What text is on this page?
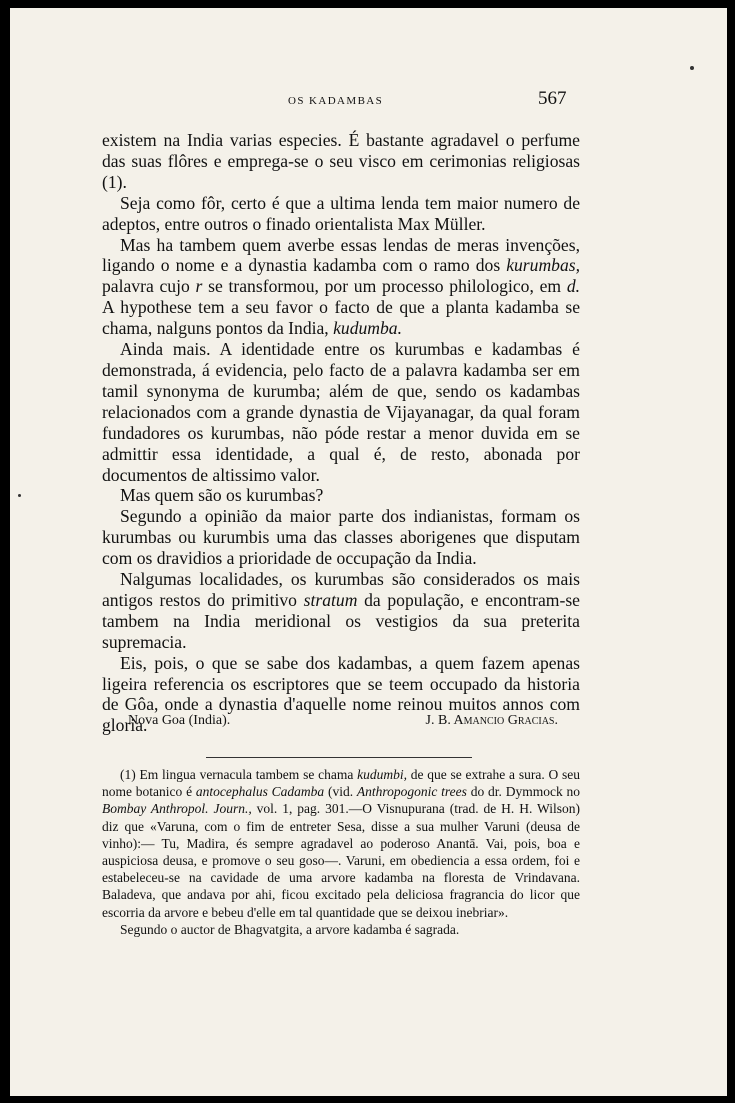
OS KADAMBAS	567

existem na India varias especies. É bastante agradavel o perfume das suas flôres e emprega-se o seu visco em cerimonias religiosas (1).

Seja como fôr, certo é que a ultima lenda tem maior numero de adeptos, entre outros o finado orientalista Max Müller.

Mas ha tambem quem averbe essas lendas de meras invenções, ligando o nome e a dynastia kadamba com o ramo dos kurumbas, palavra cujo r se transformou, por um processo philologico, em d. A hypothese tem a seu favor o facto de que a planta kadamba se chama, nalguns pontos da India, kudumba.

Ainda mais. A identidade entre os kurumbas e kadambas é demonstrada, á evidencia, pelo facto de a palavra kadamba ser em tamil synonyma de kurumba; além de que, sendo os kadambas relacionados com a grande dynastia de Vijayanagar, da qual foram fundadores os kurumbas, não póde restar a menor duvida em se admittir essa identidade, a qual é, de resto, abonada por documentos de altissimo valor.

Mas quem são os kurumbas?

Segundo a opinião da maior parte dos indianistas, formam os kurumbas ou kurumbis uma das classes aborigenes que disputam com os dravidios a prioridade de occupação da India.

Nalgumas localidades, os kurumbas são considerados os mais antigos restos do primitivo stratum da população, e encontram-se tambem na India meridional os vestigios da sua preterita supremacia.

Eis, pois, o que se sabe dos kadambas, a quem fazem apenas ligeira referencia os escriptores que se teem occupado da historia de Gôa, onde a dynastia d'aquelle nome reinou muitos annos com gloria.

Nova Goa (India).	J. B. Amancio Gracias.

(1) Em lingua vernacula tambem se chama kudumbi, de que se extrahe a sura. O seu nome botanico é antocephalus Cadamba (vid. Anthropogonic trees do dr. Dymmock no Bombay Anthropol. Journ., vol. 1, pag. 301.—O Visnupurana (trad. de H. H. Wilson) diz que «Varuna, com o fim de entreter Sesa, disse a sua mulher Varuni (deusa de vinho):— Tu, Madira, és sempre agradavel ao poderoso Anantā. Vai, pois, boa e auspiciosa deusa, e promove o seu goso—. Varuni, em obediencia a essa ordem, foi e estabeleceu-se na cavidade de uma arvore kadamba na floresta de Vrindavana. Baladeva, que andava por ahi, ficou excitado pela deliciosa fragrancia do licor que escorria da arvore e bebeu d'elle em tal quantidade que se deixou inebriar».

Segundo o auctor de Bhagvatgita, a arvore kadamba é sagrada.
